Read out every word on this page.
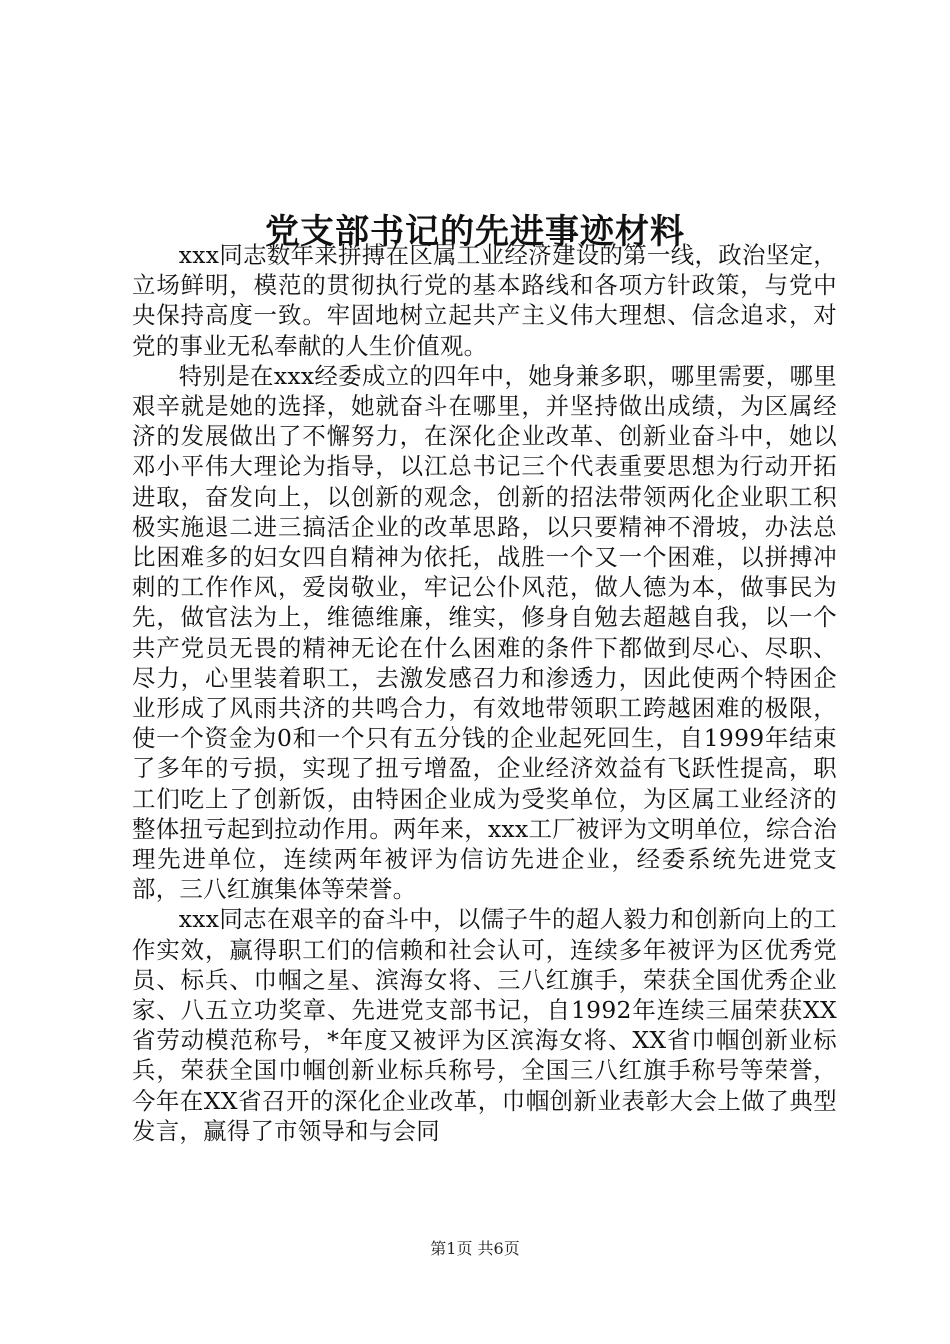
党支部书记的先进事迹材料

xxx同志数年来拼搏在区属工业经济建设的第一线，政治坚定，立场鲜明，模范的贯彻执行党的基本路线和各项方针政策，与党中央保持高度一致。牢固地树立起共产主义伟大理想、信念追求，对党的事业无私奉献的人生价值观。

特别是在xxx经委成立的四年中，她身兼多职，哪里需要，哪里艰辛就是她的选择，她就奋斗在哪里，并坚持做出成绩，为区属经济的发展做出了不懈努力，在深化企业改革、创新业奋斗中，她以邓小平伟大理论为指导，以江总书记三个代表重要思想为行动开拓进取，奋发向上，以创新的观念，创新的招法带领两化企业职工积极实施退二进三搞活企业的改革思路，以只要精神不滑坡，办法总比困难多的妇女四自精神为依托，战胜一个又一个困难，以拼搏冲刺的工作作风，爱岗敬业，牢记公仆风范，做人德为本，做事民为先，做官法为上，维德维廉，维实，修身自勉去超越自我，以一个共产党员无畏的精神无论在什么困难的条件下都做到尽心、尽职、尽力，心里装着职工，去激发感召力和渗透力，因此使两个特困企业形成了风雨共济的共鸣合力，有效地带领职工跨越困难的极限，使一个资金为0和一个只有五分钱的企业起死回生，自1999年结束了多年的亏损，实现了扭亏增盈，企业经济效益有飞跃性提高，职工们吃上了创新饭，由特困企业成为受奖单位，为区属工业经济的整体扭亏起到拉动作用。两年来，xxx工厂被评为文明单位，综合治理先进单位，连续两年被评为信访先进企业，经委系统先进党支部，三八红旗集体等荣誉。

xxx同志在艰辛的奋斗中，以儒子牛的超人毅力和创新向上的工作实效，赢得职工们的信赖和社会认可，连续多年被评为区优秀党员、标兵、巾帼之星、滨海女将、三八红旗手，荣获全国优秀企业家、八五立功奖章、先进党支部书记，自1992年连续三届荣获XX省劳动模范称号，*年度又被评为区滨海女将、XX省巾帼创新业标兵，荣获全国巾帼创新业标兵称号，全国三八红旗手称号等荣誉，今年在XX省召开的深化企业改革，巾帼创新业表彰大会上做了典型发言，赢得了市领导和与会同

第1页 共6页
